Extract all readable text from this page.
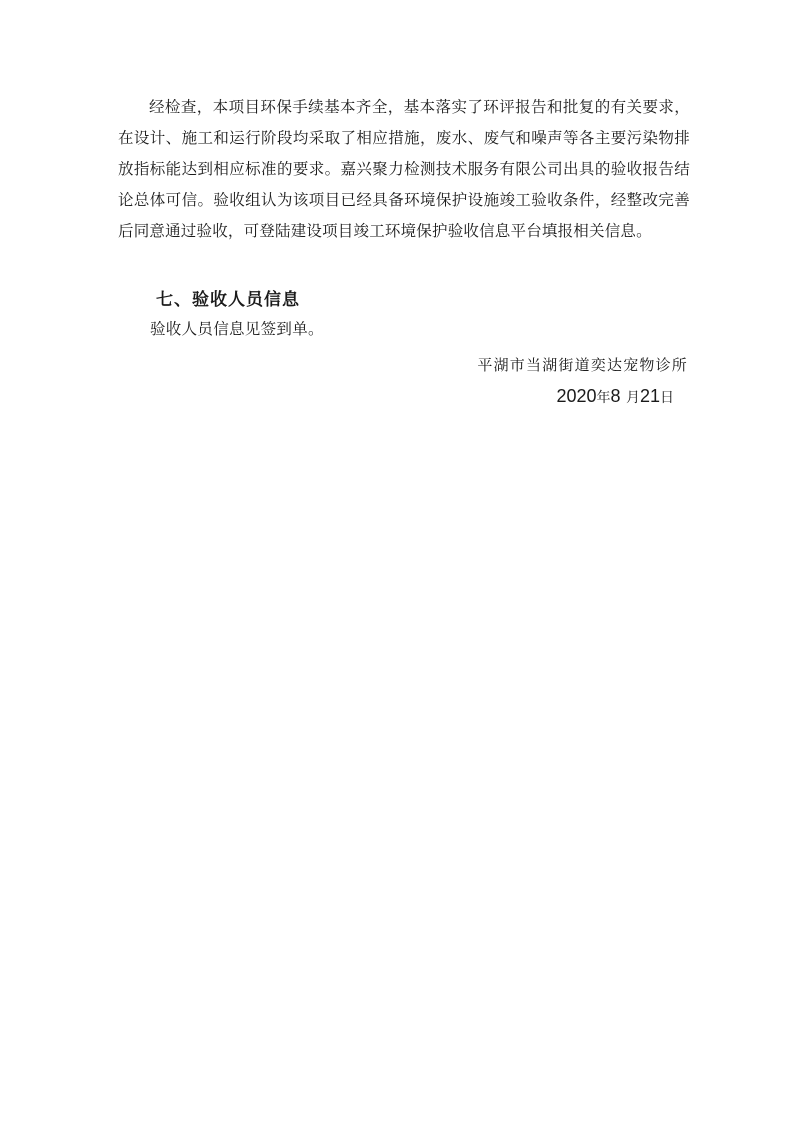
经检查，本项目环保手续基本齐全，基本落实了环评报告和批复的有关要求，在设计、施工和运行阶段均采取了相应措施，废水、废气和噪声等各主要污染物排放指标能达到相应标准的要求。嘉兴聚力检测技术服务有限公司出具的验收报告结论总体可信。验收组认为该项目已经具备环境保护设施竣工验收条件，经整改完善后同意通过验收，可登陆建设项目竣工环境保护验收信息平台填报相关信息。

七、验收人员信息

验收人员信息见签到单。

平湖市当湖街道奕达宠物诊所

2020年8 月21日
